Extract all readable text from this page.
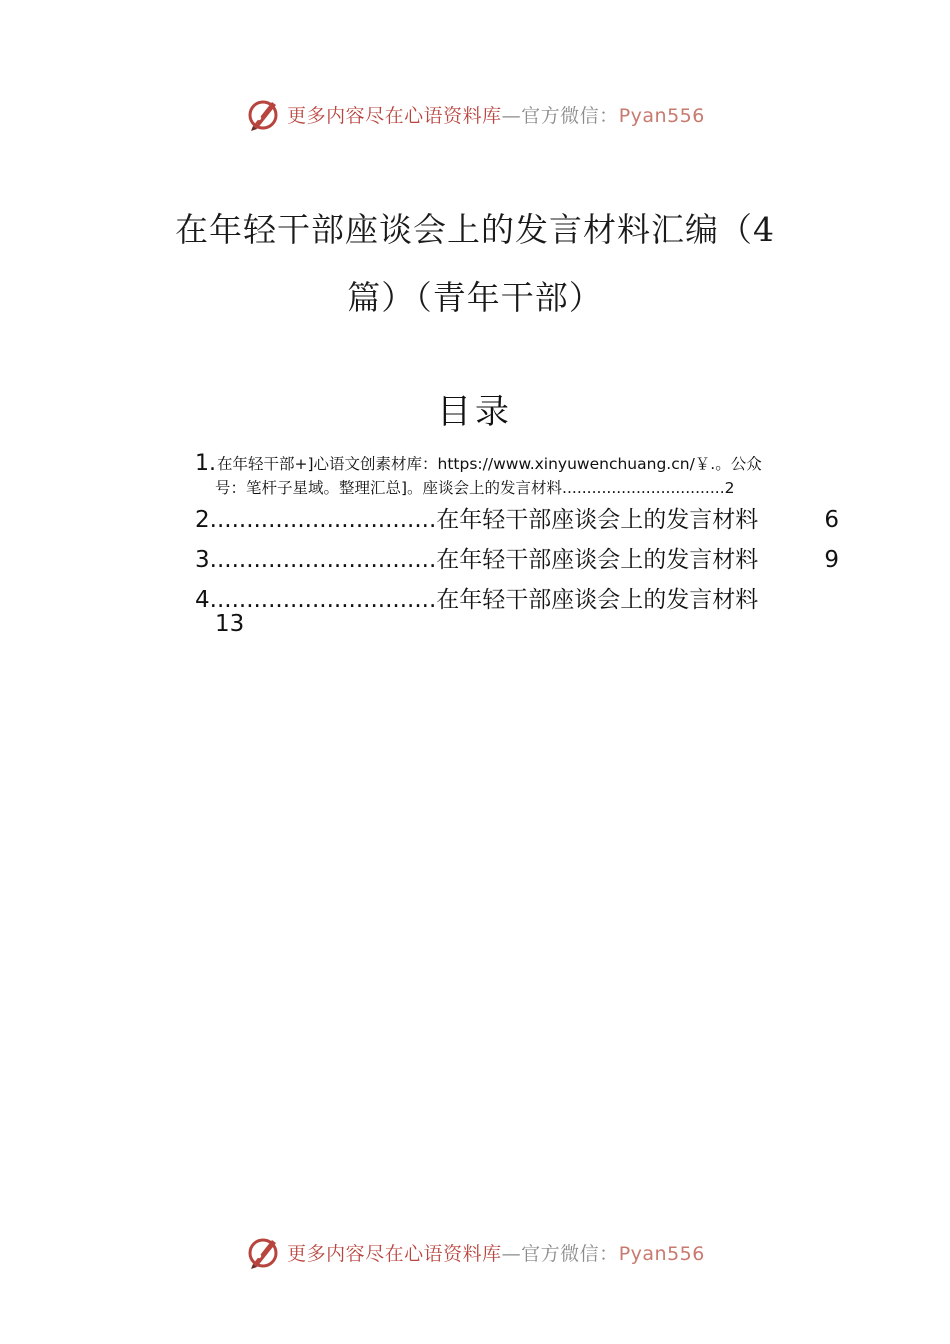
更多内容尽在心语资料库—官方微信：Pyan556
在年轻干部座谈会上的发言材料汇编（4
篇）（青年干部）
目录
1. 在年轻干部+]心语文创素材库：https://www.xinyuwenchuang.cn/￥.。公众
号：笔杆子星域。整理汇总]。座谈会上的发言材料.................................2
2...............................在年轻干部座谈会上的发言材料	6
3...............................在年轻干部座谈会上的发言材料	9
4...............................在年轻干部座谈会上的发言材料
13
更多内容尽在心语资料库—官方微信：Pyan556
